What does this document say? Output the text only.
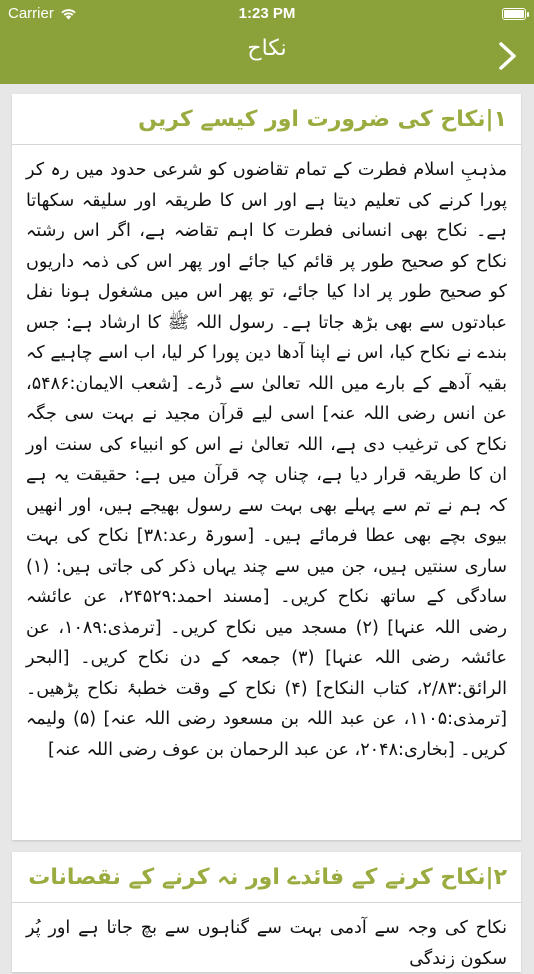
Carrier	1:23 PM
نکاح
۱|نکاح کی ضرورت اور کیسے کریں

مذہبِ اسلام فطرت کے تمام تقاضوں کو شرعی حدود میں رہ کر پورا کرنے کی تعلیم دیتا ہے اور اس کا طریقہ اور سلیقہ سکھاتا ہے۔ نکاح بھی انسانی فطرت کا اہم تقاضہ ہے، اگر اس رشتہ نکاح کو صحیح طور پر قائم کیا جائے اور پھر اس کی ذمہ داریوں کو صحیح طور پر ادا کیا جائے، تو پھر اس میں مشغول ہونا نفل عبادتوں سے بھی بڑھ جاتا ہے۔ رسول اللہ ﷺ کا ارشاد ہے: جس بندے نے نکاح کیا، اس نے اپنا آدھا دین پورا کر لیا، اب اسے چاہیے کہ بقیہ آدھے کے بارے میں اللہ تعالیٰ سے ڈرے۔ [شعب الایمان:۵۴۸۶، عن انس رضی اللہ عنہ] اسی لیے قرآن مجید نے بہت سی جگہ نکاح کی ترغیب دی ہے، اللہ تعالیٰ نے اس کو انبیاء کی سنت اور ان کا طریقہ قرار دیا ہے، چناں چہ قرآن میں ہے: حقیقت یہ ہے کہ ہم نے تم سے پہلے بھی بہت سے رسول بھیجے ہیں، اور انھیں بیوی بچے بھی عطا فرمائے ہیں۔ [سورۃ رعد:۳۸] نکاح کی بہت ساری سنتیں ہیں، جن میں سے چند یہاں ذکر کی جاتی ہیں: (۱) سادگی کے ساتھ نکاح کریں۔ [مسند احمد:۲۴۵۲۹، عن عائشہ رضی اللہ عنہا] (۲) مسجد میں نکاح کریں۔ [ترمذی:۱۰۸۹، عن عائشہ رضی اللہ عنہا] (۳) جمعہ کے دن نکاح کریں۔ [البحر الرائق:۲/۸۳، کتاب النکاح] (۴) نکاح کے وقت خطبۂ نکاح پڑھیں۔ [ترمذی:۱۱۰۵، عن عبد اللہ بن مسعود رضی اللہ عنہ] (۵) ولیمہ کریں۔ [بخاری:۲۰۴۸، عن عبد الرحمان بن عوف رضی اللہ عنہ]

۲|نکاح کرنے کے فائدے اور نہ کرنے کے نقصانات

نکاح کی وجہ سے آدمی بہت سے گناہوں سے بچ جاتا ہے اور پُر سکون زندگی
